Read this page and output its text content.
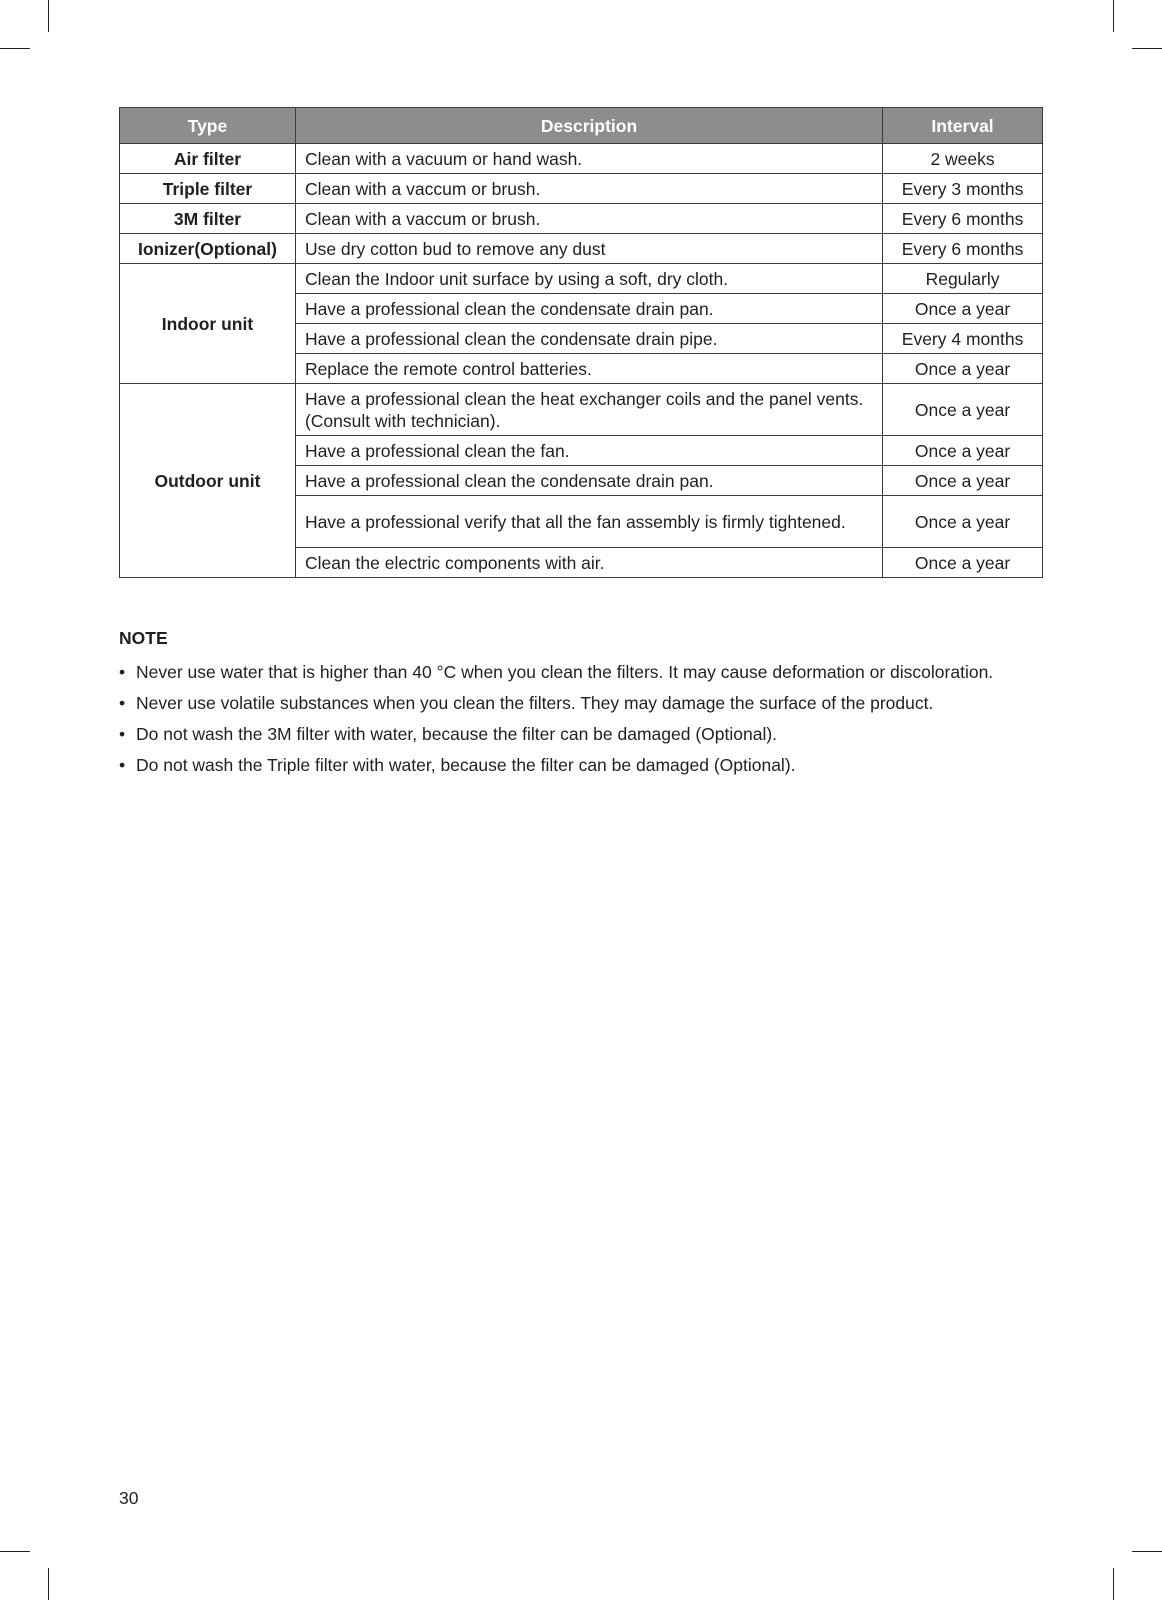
Type	Description	Interval
Air filter	Clean with a vacuum or hand wash.	2 weeks
Triple filter	Clean with a vaccum or brush.	Every 3 months
3M filter	Clean with a vaccum or brush.	Every 6 months
Ionizer(Optional)	Use dry cotton bud to remove any dust	Every 6 months
Indoor unit	Clean the Indoor unit surface by using a soft, dry cloth.	Regularly
	Have a professional clean the condensate drain pan.	Once a year
	Have a professional clean the condensate drain pipe.	Every 4 months
	Replace the remote control batteries.	Once a year
Outdoor unit	Have a professional clean the heat exchanger coils and the panel vents.(Consult with technician).	Once a year
	Have a professional clean the fan.	Once a year
	Have a professional clean the condensate drain pan.	Once a year
	Have a professional verify that all the fan assembly is firmly tightened.	Once a year
	Clean the electric components with air.	Once a year

NOTE

• Never use water that is higher than 40 °C when you clean the filters. It may cause deformation or discoloration.
• Never use volatile substances when you clean the filters. They may damage the surface of the product.
• Do not wash the 3M filter with water, because the filter can be damaged (Optional).
• Do not wash the Triple filter with water, because the filter can be damaged (Optional).

30
